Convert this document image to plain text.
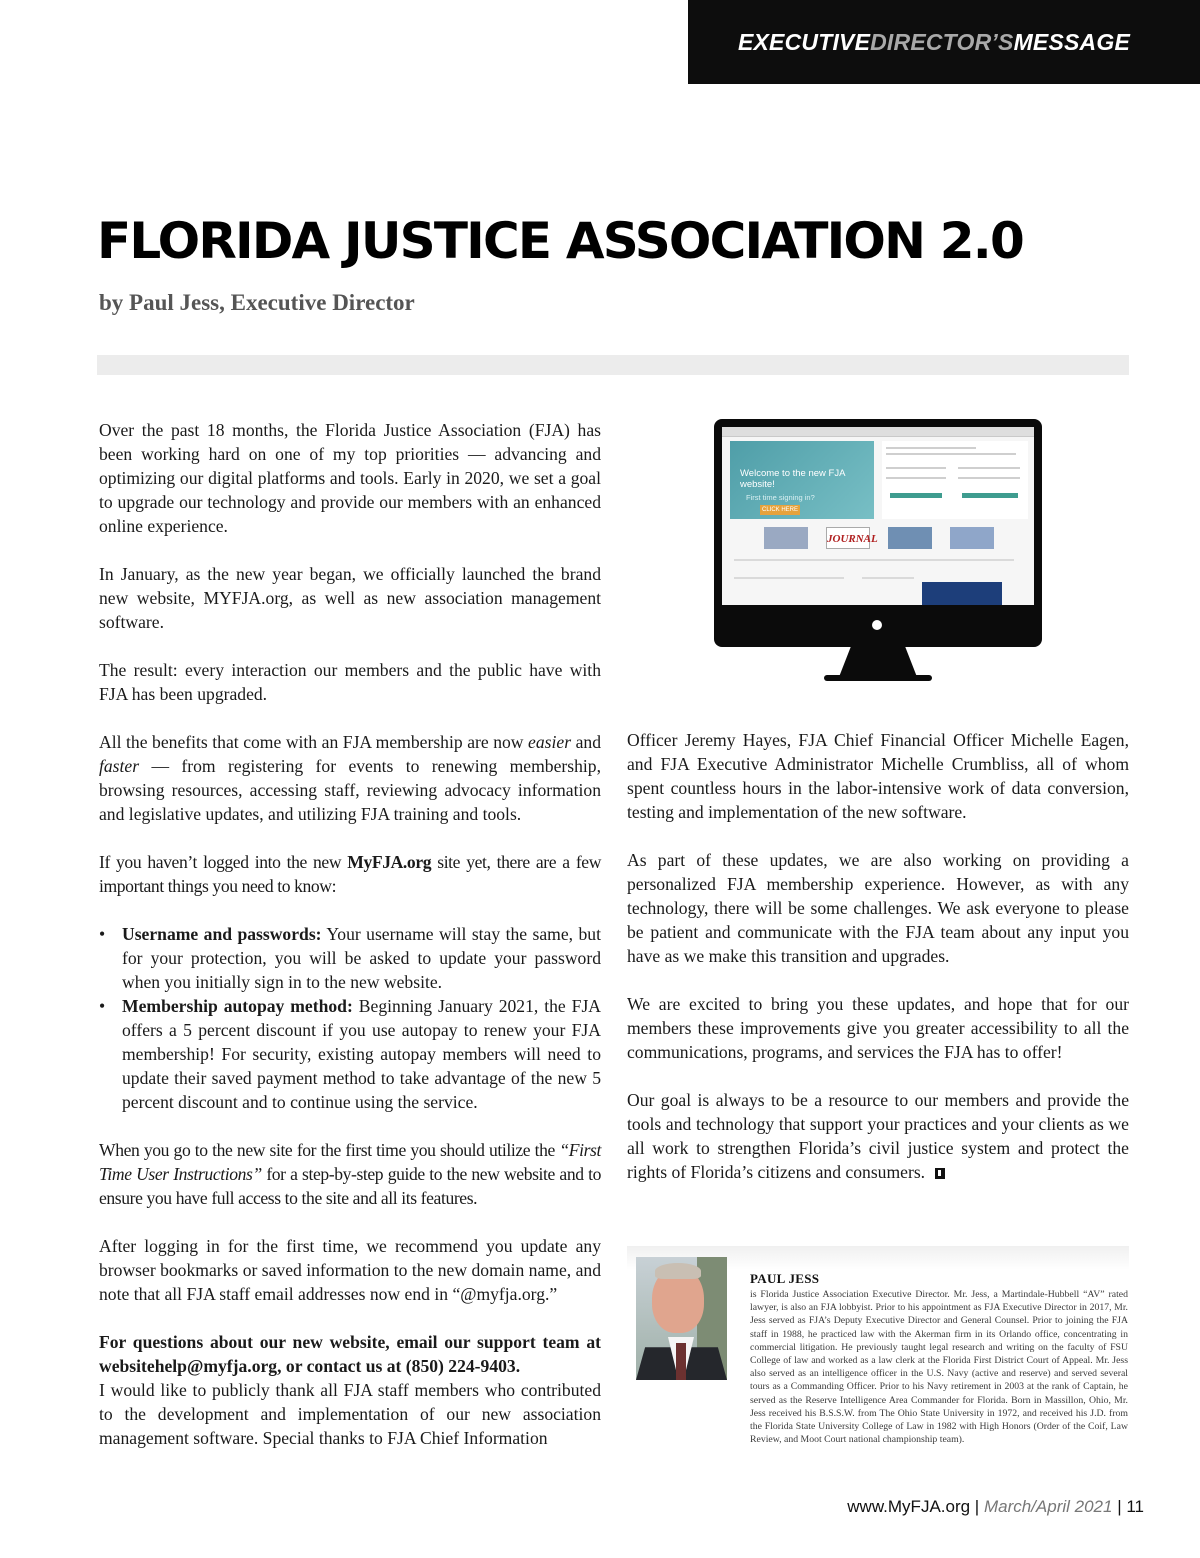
EXECUTIVE DIRECTOR’S MESSAGE
FLORIDA JUSTICE ASSOCIATION 2.0
by Paul Jess, Executive Director

Over the past 18 months, the Florida Justice Association (FJA) has been working hard on one of my top priorities — advancing and optimizing our digital platforms and tools. Early in 2020, we set a goal to upgrade our technology and provide our members with an enhanced online experience.

In January, as the new year began, we officially launched the brand new website, MYFJA.org, as well as new association management software.

The result: every interaction our members and the public have with FJA has been upgraded.

All the benefits that come with an FJA membership are now easier and faster — from registering for events to renewing membership, browsing resources, accessing staff, reviewing advocacy information and legislative updates, and utilizing FJA training and tools.

If you haven’t logged into the new MyFJA.org site yet, there are a few important things you need to know:

• Username and passwords: Your username will stay the same, but for your protection, you will be asked to update your password when you initially sign in to the new website.
• Membership autopay method: Beginning January 2021, the FJA offers a 5 percent discount if you use autopay to renew your FJA membership! For security, existing autopay members will need to update their saved payment method to take advantage of the new 5 percent discount and to continue using the service.

When you go to the new site for the first time you should utilize the “First Time User Instructions” for a step-by-step guide to the new website and to ensure you have full access to the site and all its features.

After logging in for the first time, we recommend you update any browser bookmarks or saved information to the new domain name, and note that all FJA staff email addresses now end in “@myfja.org.”

For questions about our new website, email our support team at websitehelp@myfja.org, or contact us at (850) 224-9403.

I would like to publicly thank all FJA staff members who contributed to the development and implementation of our new association management software. Special thanks to FJA Chief Information

Welcome to the new FJA website!
First time signing in?
CLICK HERE
JOURNAL

Officer Jeremy Hayes, FJA Chief Financial Officer Michelle Eagen, and FJA Executive Administrator Michelle Crumbliss, all of whom spent countless hours in the labor-intensive work of data conversion, testing and implementation of the new software.

As part of these updates, we are also working on providing a personalized FJA membership experience. However, as with any technology, there will be some challenges. We ask everyone to please be patient and communicate with the FJA team about any input you have as we make this transition and upgrades.

We are excited to bring you these updates, and hope that for our members these improvements give you greater accessibility to all the communications, programs, and services the FJA has to offer!

Our goal is always to be a resource to our members and provide the tools and technology that support your practices and your clients as we all work to strengthen Florida’s civil justice system and protect the rights of Florida’s citizens and consumers.

PAUL JESS

is Florida Justice Association Executive Director. Mr. Jess, a Martindale-Hubbell “AV” rated lawyer, is also an FJA lobbyist. Prior to his appointment as FJA Executive Director in 2017, Mr. Jess served as FJA’s Deputy Executive Director and General Counsel. Prior to joining the FJA staff in 1988, he practiced law with the Akerman firm in its Orlando office, concentrating in commercial litigation. He previously taught legal research and writing on the faculty of FSU College of law and worked as a law clerk at the Florida First District Court of Appeal. Mr. Jess also served as an intelligence officer in the U.S. Navy (active and reserve) and served several tours as a Commanding Officer. Prior to his Navy retirement in 2003 at the rank of Captain, he served as the Reserve Intelligence Area Commander for Florida. Born in Massillon, Ohio, Mr. Jess received his B.S.S.W. from The Ohio State University in 1972, and received his J.D. from the Florida State University College of Law in 1982 with High Honors (Order of the Coif, Law Review, and Moot Court national championship team).

www.MyFJA.org | March/April 2021 | 11
